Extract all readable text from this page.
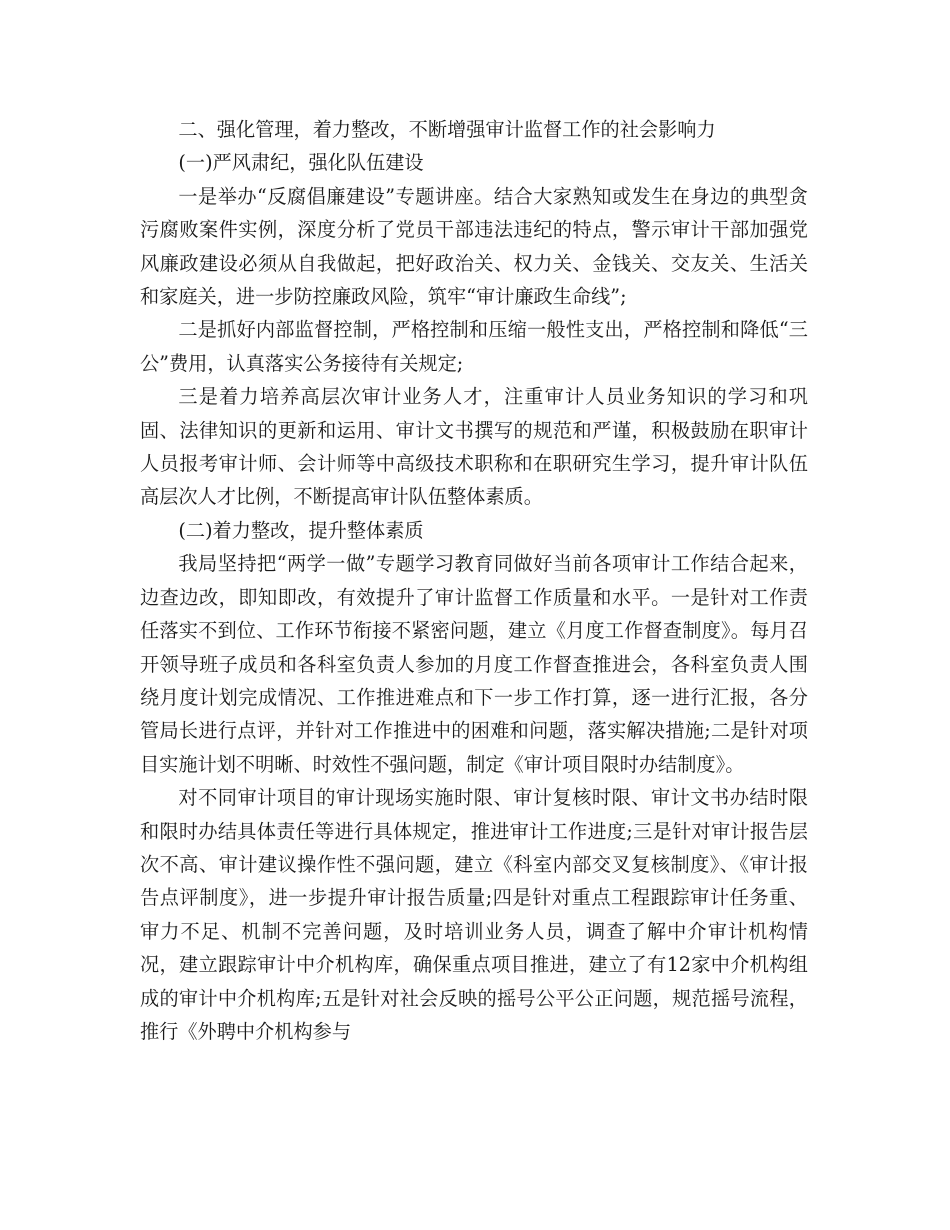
二、强化管理，着力整改，不断增强审计监督工作的社会影响力

(一)严风肃纪，强化队伍建设

一是举办“反腐倡廉建设”专题讲座。结合大家熟知或发生在身边的典型贪污腐败案件实例，深度分析了党员干部违法违纪的特点，警示审计干部加强党风廉政建设必须从自我做起，把好政治关、权力关、金钱关、交友关、生活关和家庭关，进一步防控廉政风险，筑牢“审计廉政生命线”;

二是抓好内部监督控制，严格控制和压缩一般性支出，严格控制和降低“三公”费用，认真落实公务接待有关规定;

三是着力培养高层次审计业务人才，注重审计人员业务知识的学习和巩固、法律知识的更新和运用、审计文书撰写的规范和严谨，积极鼓励在职审计人员报考审计师、会计师等中高级技术职称和在职研究生学习，提升审计队伍高层次人才比例，不断提高审计队伍整体素质。

(二)着力整改，提升整体素质

我局坚持把“两学一做”专题学习教育同做好当前各项审计工作结合起来，边查边改，即知即改，有效提升了审计监督工作质量和水平。一是针对工作责任落实不到位、工作环节衔接不紧密问题，建立《月度工作督查制度》。每月召开领导班子成员和各科室负责人参加的月度工作督查推进会，各科室负责人围绕月度计划完成情况、工作推进难点和下一步工作打算，逐一进行汇报，各分管局长进行点评，并针对工作推进中的困难和问题，落实解决措施;二是针对项目实施计划不明晰、时效性不强问题，制定《审计项目限时办结制度》。

对不同审计项目的审计现场实施时限、审计复核时限、审计文书办结时限和限时办结具体责任等进行具体规定，推进审计工作进度;三是针对审计报告层次不高、审计建议操作性不强问题，建立《科室内部交叉复核制度》、《审计报告点评制度》，进一步提升审计报告质量;四是针对重点工程跟踪审计任务重、审力不足、机制不完善问题，及时培训业务人员，调查了解中介审计机构情况，建立跟踪审计中介机构库，确保重点项目推进，建立了有12家中介机构组成的审计中介机构库;五是针对社会反映的摇号公平公正问题，规范摇号流程，推行《外聘中介机构参与
